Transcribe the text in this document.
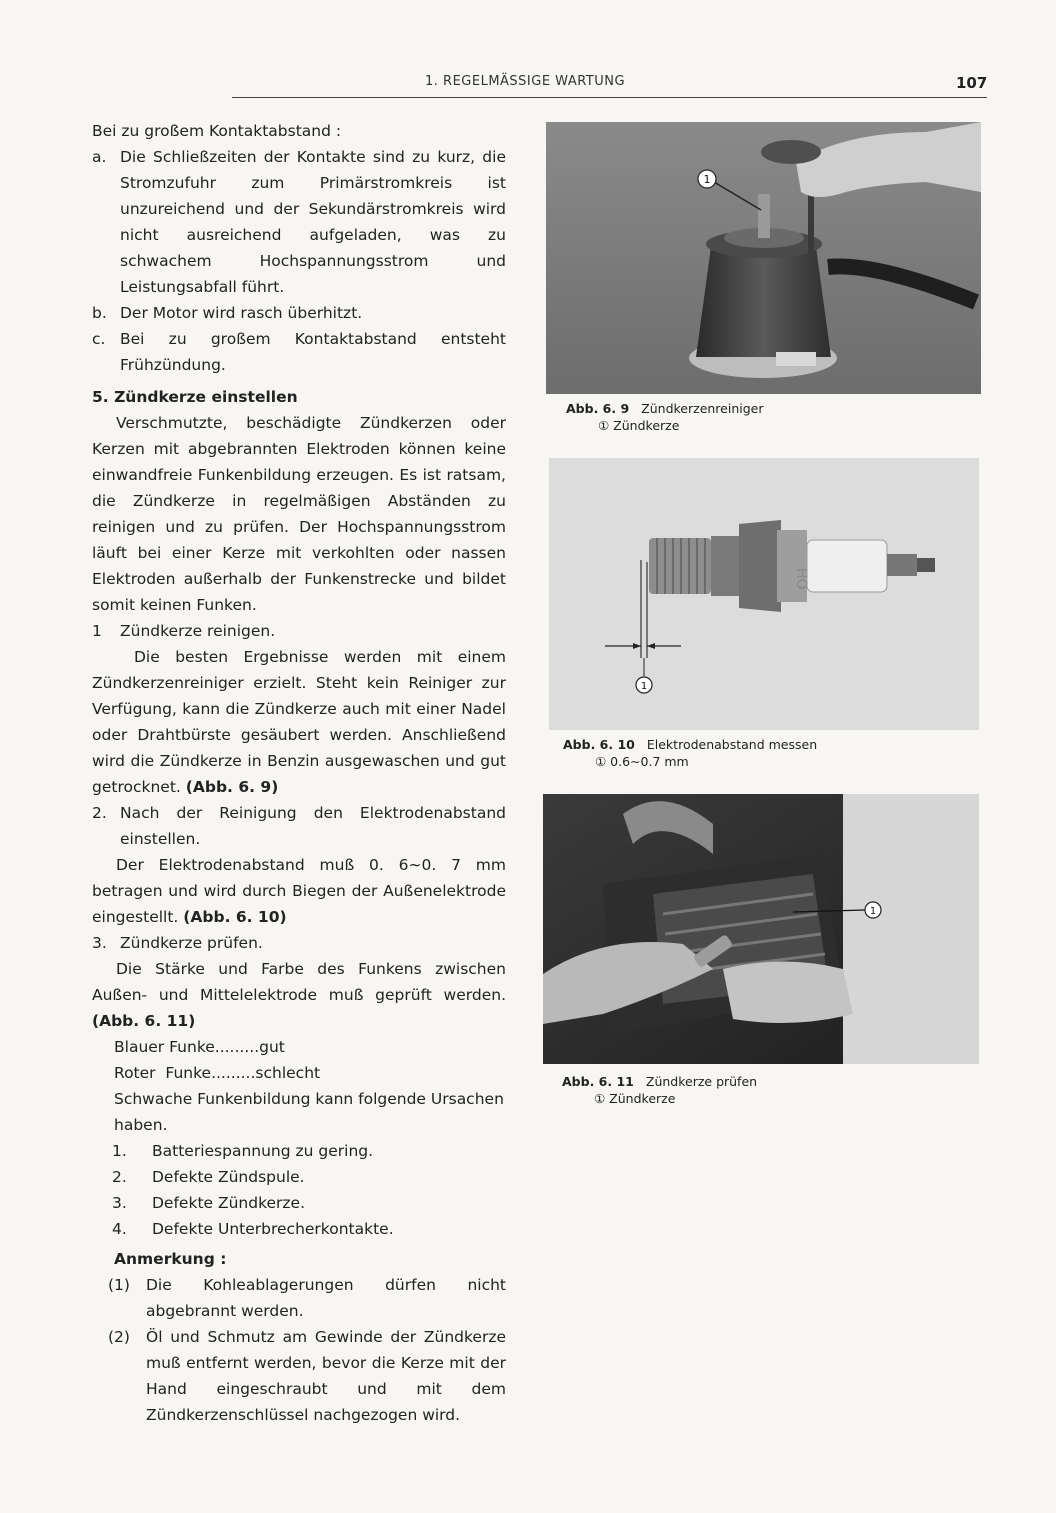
1. REGELMÄSSIGE WARTUNG	107

Bei zu großem Kontaktabstand :

a. Die Schließzeiten der Kontakte sind zu kurz, die Stromzufuhr zum Primärstromkreis ist unzureichend und der Sekundärstromkreis wird nicht ausreichend aufgeladen, was zu schwachem Hochspannungsstrom und Leistungsabfall führt.
b. Der Motor wird rasch überhitzt.
c. Bei zu großem Kontaktabstand entsteht Frühzündung.

5. Zündkerze einstellen

Verschmutzte, beschädigte Zündkerzen oder Kerzen mit abgebrannten Elektroden können keine einwandfreie Funkenbildung erzeugen. Es ist ratsam, die Zündkerze in regelmäßigen Abständen zu reinigen und zu prüfen. Der Hochspannungsstrom läuft bei einer Kerze mit verkohlten oder nassen Elektroden außerhalb der Funkenstrecke und bildet somit keinen Funken.

1	Zündkerze reinigen.

Die besten Ergebnisse werden mit einem Zündkerzenreiniger erzielt. Steht kein Reiniger zur Verfügung, kann die Zündkerze auch mit einer Nadel oder Drahtbürste gesäubert werden. Anschließend wird die Zündkerze in Benzin ausgewaschen und gut getrocknet. (Abb. 6. 9)

2. Nach der Reinigung den Elektrodenabstand einstellen.

Der Elektrodenabstand muß 0. 6∼0. 7 mm betragen und wird durch Biegen der Außenelektrode eingestellt. (Abb. 6. 10)

3. Zündkerze prüfen.

Die Stärke und Farbe des Funkens zwischen Außen- und Mittelelektrode muß geprüft werden. (Abb. 6. 11)

Blauer Funke.........gut

Roter  Funke.........schlecht

Schwache Funkenbildung kann folgende Ursachen haben.

1.	Batteriespannung zu gering.
2.	Defekte Zündspule.
3.	Defekte Zündkerze.
4.	Defekte Unterbrecherkontakte.

Anmerkung :

(1)	Die Kohleablagerungen dürfen nicht abgebrannt werden.
(2)	Öl und Schmutz am Gewinde der Zündkerze muß entfernt werden, bevor die Kerze mit der Hand eingeschraubt und mit dem Zündkerzenschlüssel nachgezogen wird.
1
Abb. 6. 9 Zündkerzenreiniger
① Zündkerze
HO
1
Abb. 6. 10 Elektrodenabstand messen
① 0.6∼0.7 mm
1
Abb. 6. 11 Zündkerze prüfen
① Zündkerze
